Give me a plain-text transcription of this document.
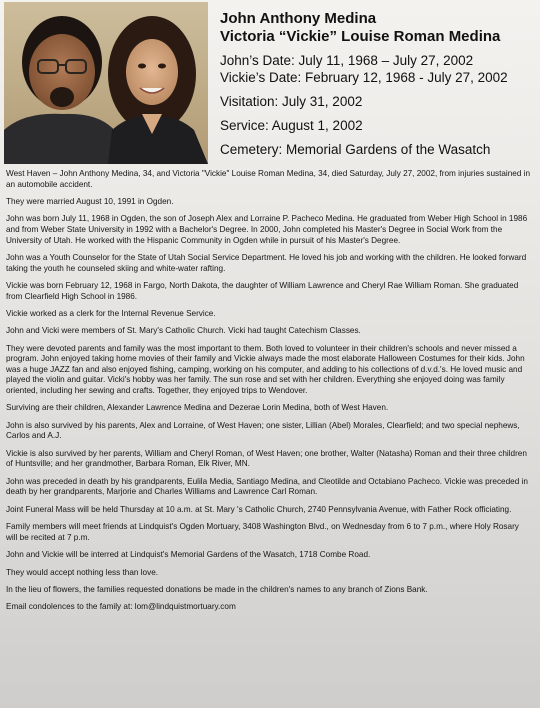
John Anthony Medina
Victoria “Vickie” Louise Roman Medina
John’s Date: July 11, 1968 – July 27, 2002
Vickie’s Date: February 12, 1968 - July 27, 2002
Visitation: July 31, 2002
Service: August 1, 2002
Cemetery: Memorial Gardens of the Wasatch

West Haven – John Anthony Medina, 34, and Victoria "Vickie" Louise Roman Medina, 34, died Saturday, July 27, 2002, from injuries sustained in an automobile accident.

They were married August 10, 1991 in Ogden.

John was born July 11, 1968 in Ogden, the son of Joseph Alex and Lorraine P. Pacheco Medina. He graduated from Weber High School in 1986 and from Weber State University in 1992 with a Bachelor's Degree. In 2000, John completed his Master's Degree in Social Work from the University of Utah. He worked with the Hispanic Community in Ogden while in pursuit of his Master's Degree.

John was a Youth Counselor for the State of Utah Social Service Department. He loved his job and working with the children. He looked forward taking the youth he counseled skiing and white-water rafting.

Vickie was born February 12, 1968 in Fargo, North Dakota, the daughter of William Lawrence and Cheryl Rae William Roman. She graduated from Clearfield High School in 1986.

Vickie worked as a clerk for the Internal Revenue Service.

John and Vicki were members of St. Mary's Catholic Church. Vicki had taught Catechism Classes.

They were devoted parents and family was the most important to them. Both loved to volunteer in their children's schools and never missed a program. John enjoyed taking home movies of their family and Vickie always made the most elaborate Halloween Costumes for their kids. John was a huge JAZZ fan and also enjoyed fishing, camping, working on his computer, and adding to his collections of d.v.d.'s. He loved music and played the violin and guitar. Vicki's hobby was her family. The sun rose and set with her children. Everything she enjoyed doing was family oriented, including her sewing and crafts. Together, they enjoyed trips to Wendover.

Surviving are their children, Alexander Lawrence Medina and Dezerae Lorin Medina, both of West Haven.

John is also survived by his parents, Alex and Lorraine, of West Haven; one sister, Lillian (Abel) Morales, Clearfield; and two special nephews, Carlos and A.J.

Vickie is also survived by her parents, William and Cheryl Roman, of West Haven; one brother, Walter (Natasha) Roman and their three children of Huntsville; and her grandmother, Barbara Roman, Elk River, MN.

John was preceded in death by his grandparents, Eulila Media, Santiago Medina, and Cleotilde and Octabiano Pacheco. Vickie was preceded in death by her grandparents, Marjorie and Charles Williams and Lawrence Carl Roman.

Joint Funeral Mass will be held Thursday at 10 a.m. at St. Mary 's Catholic Church, 2740 Pennsylvania Avenue, with Father Rock officiating.

Family members will meet friends at Lindquist's Ogden Mortuary, 3408 Washington Blvd., on Wednesday from 6 to 7 p.m., where Holy Rosary will be recited at 7 p.m.

John and Vickie will be interred at Lindquist's Memorial Gardens of the Wasatch, 1718 Combe Road.

They would accept nothing less than love.

In the lieu of flowers, the families requested donations be made in the children's names to any branch of Zions Bank.

Email condolences to the family at: lom@lindquistmortuary.com
